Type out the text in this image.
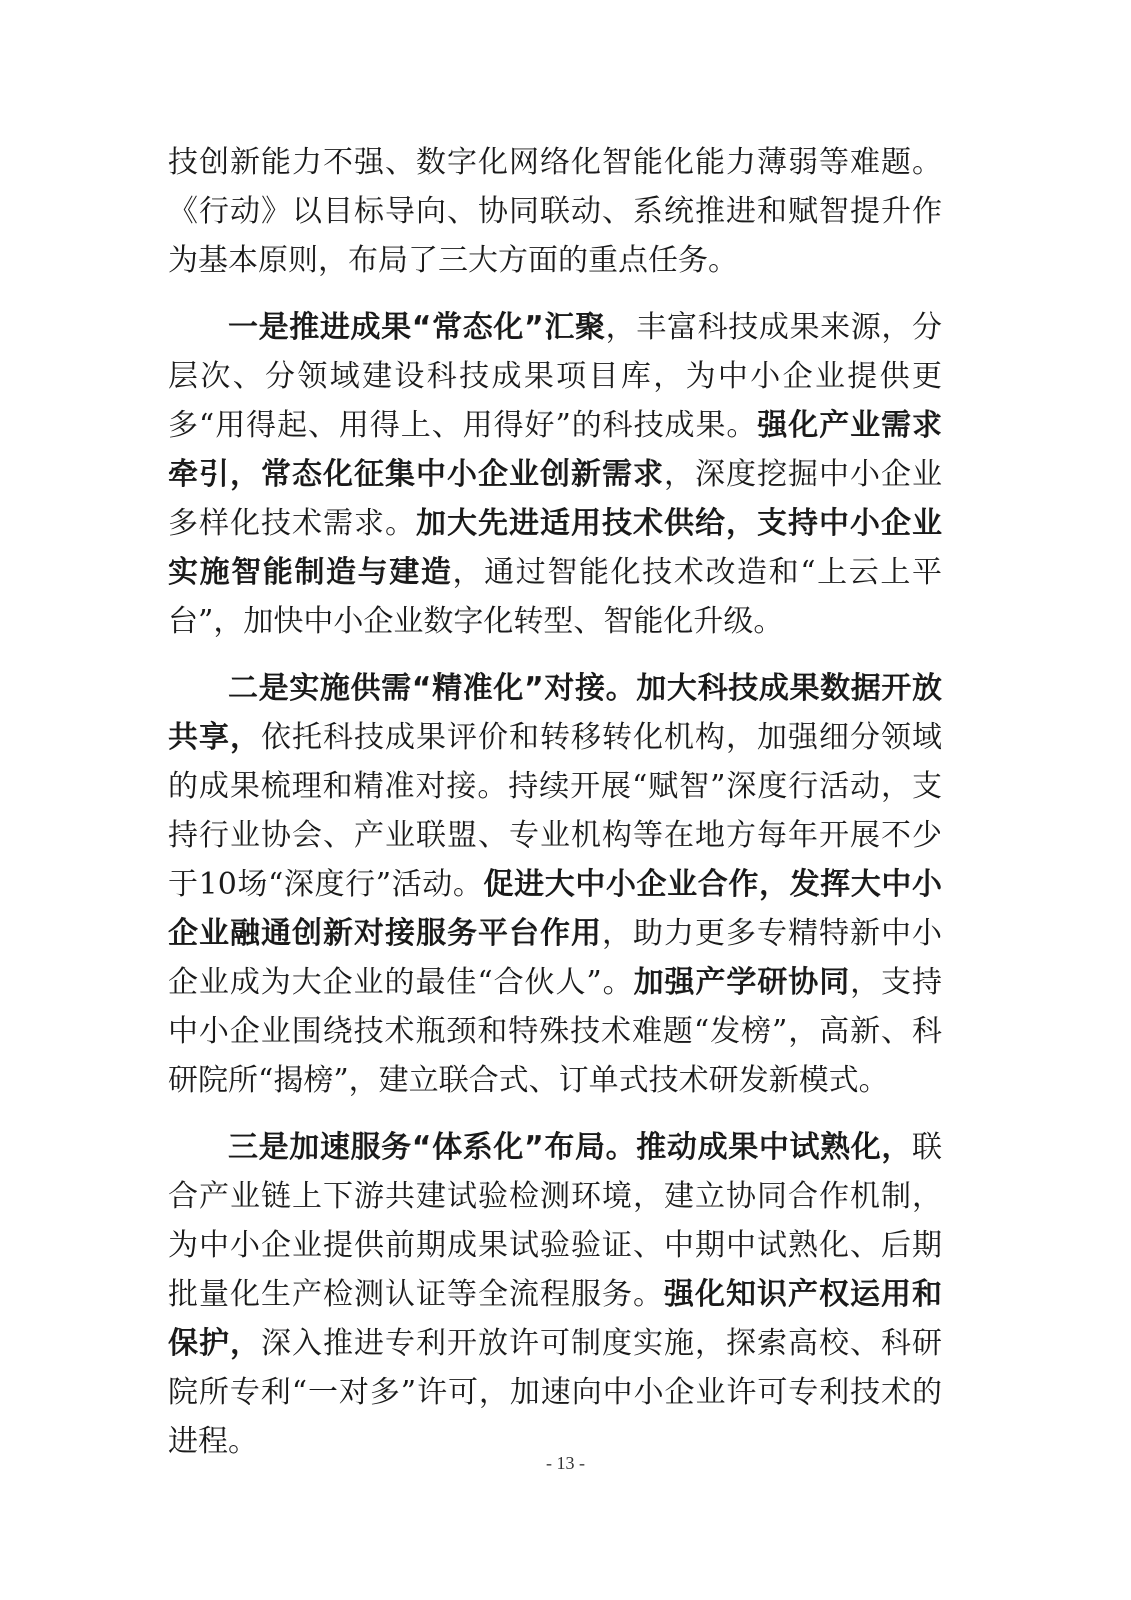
技创新能力不强、数字化网络化智能化能力薄弱等难题。《行动》以目标导向、协同联动、系统推进和赋智提升作为基本原则，布局了三大方面的重点任务。

一是推进成果“常态化”汇聚，丰富科技成果来源，分层次、分领域建设科技成果项目库，为中小企业提供更多“用得起、用得上、用得好”的科技成果。强化产业需求牵引，常态化征集中小企业创新需求，深度挖掘中小企业多样化技术需求。加大先进适用技术供给，支持中小企业实施智能制造与建造，通过智能化技术改造和“上云上平台”，加快中小企业数字化转型、智能化升级。

二是实施供需“精准化”对接。加大科技成果数据开放共享，依托科技成果评价和转移转化机构，加强细分领域的成果梳理和精准对接。持续开展“赋智”深度行活动，支持行业协会、产业联盟、专业机构等在地方每年开展不少于10场“深度行”活动。促进大中小企业合作，发挥大中小企业融通创新对接服务平台作用，助力更多专精特新中小企业成为大企业的最佳“合伙人”。加强产学研协同，支持中小企业围绕技术瓶颈和特殊技术难题“发榜”，高新、科研院所“揭榜”，建立联合式、订单式技术研发新模式。

三是加速服务“体系化”布局。推动成果中试熟化，联合产业链上下游共建试验检测环境，建立协同合作机制，为中小企业提供前期成果试验验证、中期中试熟化、后期批量化生产检测认证等全流程服务。强化知识产权运用和保护，深入推进专利开放许可制度实施，探索高校、科研院所专利“一对多”许可，加速向中小企业许可专利技术的进程。

- 13 -
